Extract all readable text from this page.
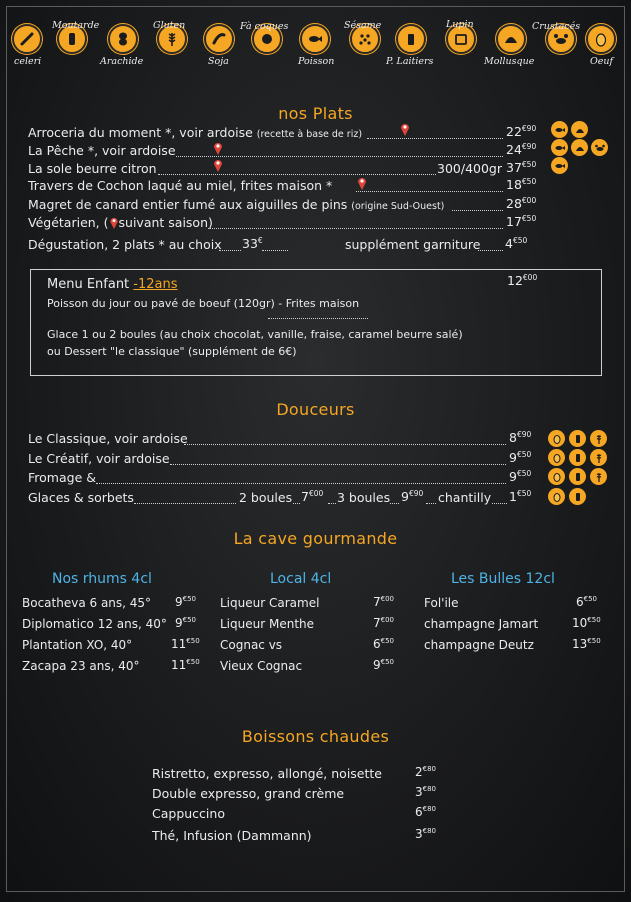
celeri
Moutarde
Arachide
Gluten
Soja
Fà coques
Poisson
Sésame
P. Laitiers
Lupin
Mollusque
Crustacés
Oeuf
nos Plats
Arroceria du moment *, voir ardoise (recette à base de riz)	$22^{€90}$
La Pêche *, voir ardoise	$24^{€90}$
La sole beurre citron	300/400gr $37^{€50}$
Travers de Cochon laqué au miel, frites maison *	$18^{€50}$
Magret de canard entier fumé aux aiguilles de pins (origine Sud-Ouest)	$28^{€00}$
Végétarien, ( suivant saison)	$17^{€50}$
Dégustation, 2 plats * au choix 33€	supplément garniture $4^{€50}$
Menu Enfant -12ans	$12^{€00}$
Poisson du jour ou pavé de boeuf (120gr) - Frites maison
Glace 1 ou 2 boules (au choix chocolat, vanille, fraise, caramel beurre salé)
ou Dessert "le classique" (supplément de 6€)
Douceurs
Le Classique, voir ardoise	$8^{€90}$
Le Créatif, voir ardoise	$9^{€50}$
Fromage &	$9^{€50}$
Glaces & sorbets	2 boules $7^{€00}$ 3 boules $9^{€90}$ chantilly $1^{€50}$
La cave gourmande
Nos rhums 4cl	Local 4cl	Les Bulles 12cl
Bocatheva 6 ans, 45° $9^{€50}$
Diplomatico 12 ans, 40° $9^{€50}$
Plantation XO, 40°	$11^{€50}$
Zacapa 23 ans, 40°	$11^{€50}$
Liqueur Caramel	$7^{€00}$
Liqueur Menthe	$7^{€00}$
Cognac vs	$6^{€50}$
Vieux Cognac	$9^{€50}$
Fol'ile	$6^{€50}$
champagne Jamart	$10^{€50}$
champagne Deutz	$13^{€50}$
Boissons chaudes
Ristretto, expresso, allongé, noisette	$2^{€80}$
Double expresso, grand crème	$3^{€80}$
Cappuccino	$6^{€80}$
Thé, Infusion (Dammann)	$3^{€80}$
